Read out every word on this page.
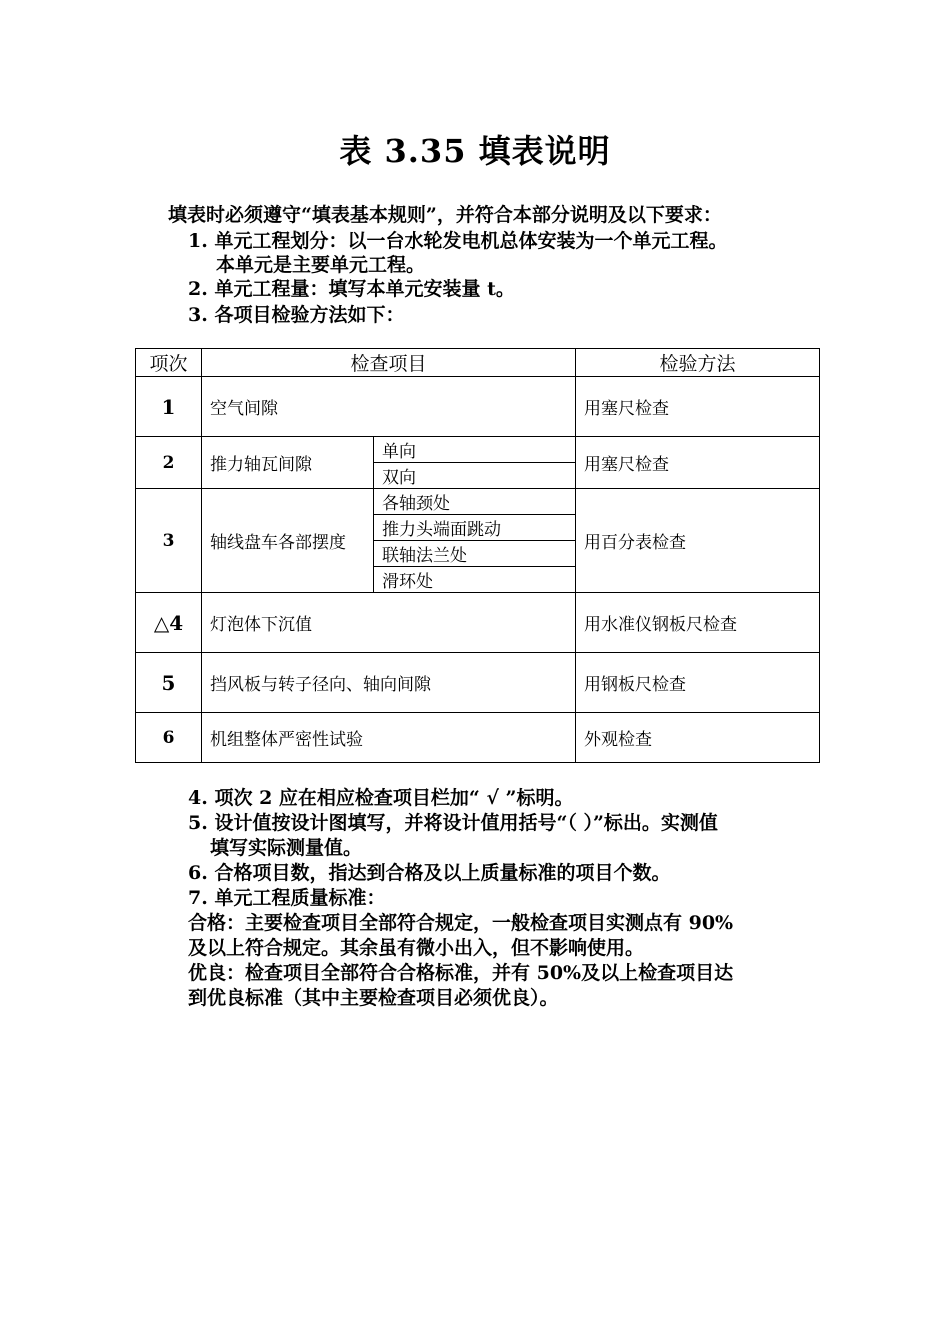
表 3.35 填表说明
填表时必须遵守“填表基本规则”，并符合本部分说明及以下要求：
1. 单元工程划分：以一台水轮发电机总体安装为一个单元工程。
本单元是主要单元工程。
2. 单元工程量：填写本单元安装量 t。
3. 各项目检验方法如下：
项次	检查项目		检验方法
1	空气间隙		用塞尺检查
2	推力轴瓦间隙	单向	用塞尺检查
		双向	
3	轴线盘车各部摆度	各轴颈处	用百分表检查
		推力头端面跳动	
		联轴法兰处	
		滑环处	
△4	灯泡体下沉值		用水准仪钢板尺检查
5	挡风板与转子径向、轴向间隙		用钢板尺检查
6	机组整体严密性试验		外观检查
4. 项次 2 应在相应检查项目栏加“ √ ”标明。
5. 设计值按设计图填写，并将设计值用括号“（ ）”标出。实测值
填写实际测量值。
6. 合格项目数，指达到合格及以上质量标准的项目个数。
7. 单元工程质量标准：
合格：主要检查项目全部符合规定，一般检查项目实测点有 90%
及以上符合规定。其余虽有微小出入，但不影响使用。
优良：检查项目全部符合合格标准，并有 50%及以上检查项目达
到优良标准（其中主要检查项目必须优良）。
